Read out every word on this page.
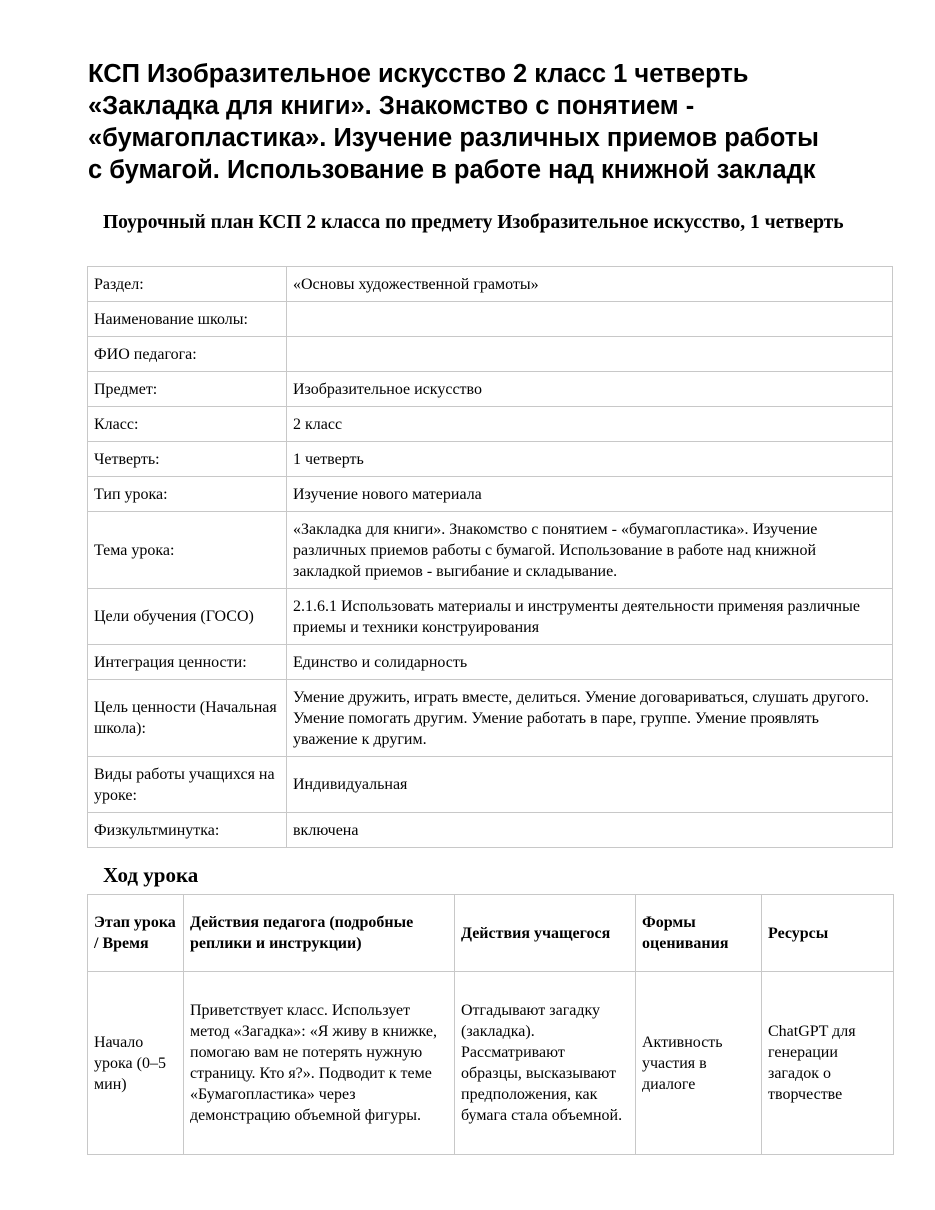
КСП Изобразительное искусство 2 класс 1 четверть
«Закладка для книги». Знакомство с понятием -
«бумагопластика». Изучение различных приемов работы
с бумагой. Использование в работе над книжной закладк
Поурочный план КСП 2 класса по предмету Изобразительное искусство, 1 четверть
Раздел:	«Основы художественной грамоты»
Наименование школы:	
ФИО педагога:	
Предмет:	Изобразительное искусство
Класс:	2 класс
Четверть:	1 четверть
Тип урока:	Изучение нового материала
Тема урока:	«Закладка для книги». Знакомство с понятием - «бумагопластика». Изучение различных приемов работы с бумагой. Использование в работе над книжной закладкой приемов - выгибание и складывание.
Цели обучения (ГОСО)	2.1.6.1 Использовать материалы и инструменты деятельности применяя различные приемы и техники конструирования
Интеграция ценности:	Единство и солидарность
Цель ценности (Начальная школа):	Умение дружить, играть вместе, делиться. Умение договариваться, слушать другого. Умение помогать другим. Умение работать в паре, группе. Умение проявлять уважение к другим.
Виды работы учащихся на уроке:	Индивидуальная
Физкультминутка:	включена
Ход урока
Этап урока / Время	Действия педагога (подробные реплики и инструкции)	Действия учащегося	Формы оценивания	Ресурсы
Начало урока (0–5 мин)	Приветствует класс. Использует метод «Загадка»: «Я живу в книжке, помогаю вам не потерять нужную страницу. Кто я?». Подводит к теме «Бумагопластика» через демонстрацию объемной фигуры.	Отгадывают загадку (закладка). Рассматривают образцы, высказывают предположения, как бумага стала объемной.	Активность участия в диалоге	ChatGPT для генерации загадок о творчестве
